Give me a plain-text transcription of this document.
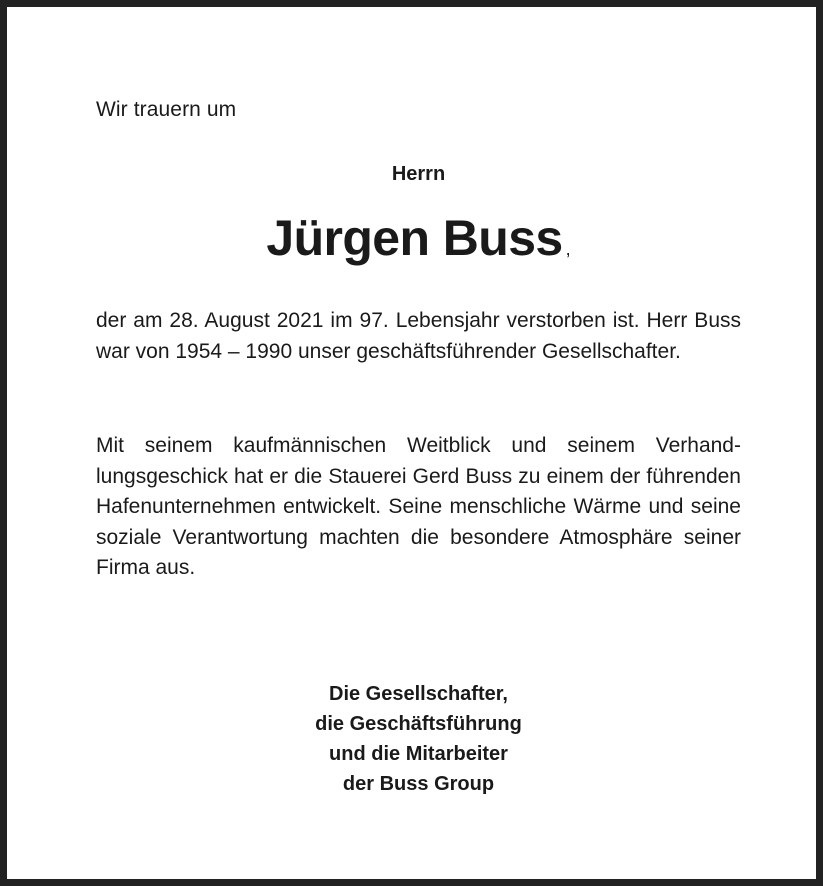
Wir trauern um
Herrn
Jürgen Buss ,

der am 28. August 2021 im 97. Lebensjahr verstorben ist. Herr Buss war von 1954 – 1990 unser geschäftsführender Gesellschafter.

Mit seinem kaufmännischen Weitblick und seinem Verhandlungsgeschick hat er die Stauerei Gerd Buss zu einem der führenden Hafenunternehmen entwickelt. Seine menschliche Wärme und seine soziale Verantwortung machten die besondere Atmosphäre seiner Firma aus.

Die Gesellschafter,
die Geschäftsführung
und die Mitarbeiter
der Buss Group
